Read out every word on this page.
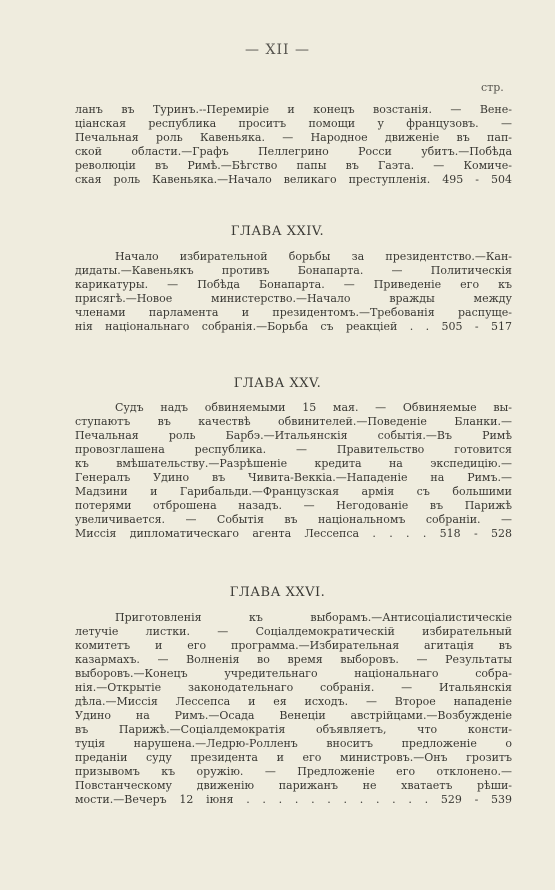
— XII —
стр.
ланъ въ Туринъ.--Перемиріе и конецъ возстанія. — Вене-
ціанская республика проситъ помощи у французовъ. —
Печальная роль Кавеньяка. — Народное движеніе въ пап-
ской области.—Графъ Пеллегрино Росси убитъ.—Побѣда
революціи въ Римѣ.—Бѣгство папы въ Гаэта. — Комиче-
ская роль Кавеньяка.—Начало великаго преступленія. 495 - 504
ГЛАВА XXIV.
Начало избирательной борьбы за президентство.—Кан-
дидаты.—Кавеньякъ противъ Бонапарта. — Политическія
карикатуры. — Побѣда Бонапарта. — Приведеніе его къ
присягѣ.—Новое министерство.—Начало вражды между
членами парламента и президентомъ.—Требованія распуще-
нія національнаго собранія.—Борьба съ реакціей . . 505 - 517
ГЛАВА XXV.
Судъ надъ обвиняемыми 15 мая. — Обвиняемые вы-
ступаютъ въ качествѣ обвинителей.—Поведеніе Бланки.—
Печальная роль Барбэ.—Итальянскія событія.—Въ Римѣ
провозглашена республика. — Правительство готовится
къ вмѣшательству.—Разрѣшеніе кредита на экспедицію.—
Генералъ Удино въ Чивита-Веккіа.—Нападеніе на Римъ.—
Мадзини и Гарибальди.—Французская армія съ большими
потерями отброшена назадъ. — Негодованіе въ Парижѣ
увеличивается. — Событія въ національномъ собраніи. —
Миссія дипломатическаго агента Лессепса . . . . 518 - 528
ГЛАВА XXVI.
Приготовленія къ выборамъ.—Антисоціалистическіе
летучіе листки. — Соціалдемократическій избирательный
комитетъ и его программа.—Избирательная агитація въ
казармахъ. — Волненія во время выборовъ. — Результаты
выборовъ.—Конецъ учредительнаго національнаго собра-
нія.—Открытіе законодательнаго собранія. — Итальянскія
дѣла.—Миссія Лессепса и ея исходъ. — Второе нападеніе
Удино на Римъ.—Осада Венеціи австрійцами.—Возбужденіе
въ Парижѣ.—Соціалдемократія объявляетъ, что консти-
туція нарушена.—Ледрю-Ролленъ вноситъ предложеніе о
преданіи суду президента и его министровъ.—Онъ грозитъ
призывомъ къ оружію. — Предложеніе его отклонено.—
Повстанческому движенію парижанъ не хватаетъ рѣши-
мости.—Вечеръ 12 іюня . . . . . . . . . . . . 529 - 539
